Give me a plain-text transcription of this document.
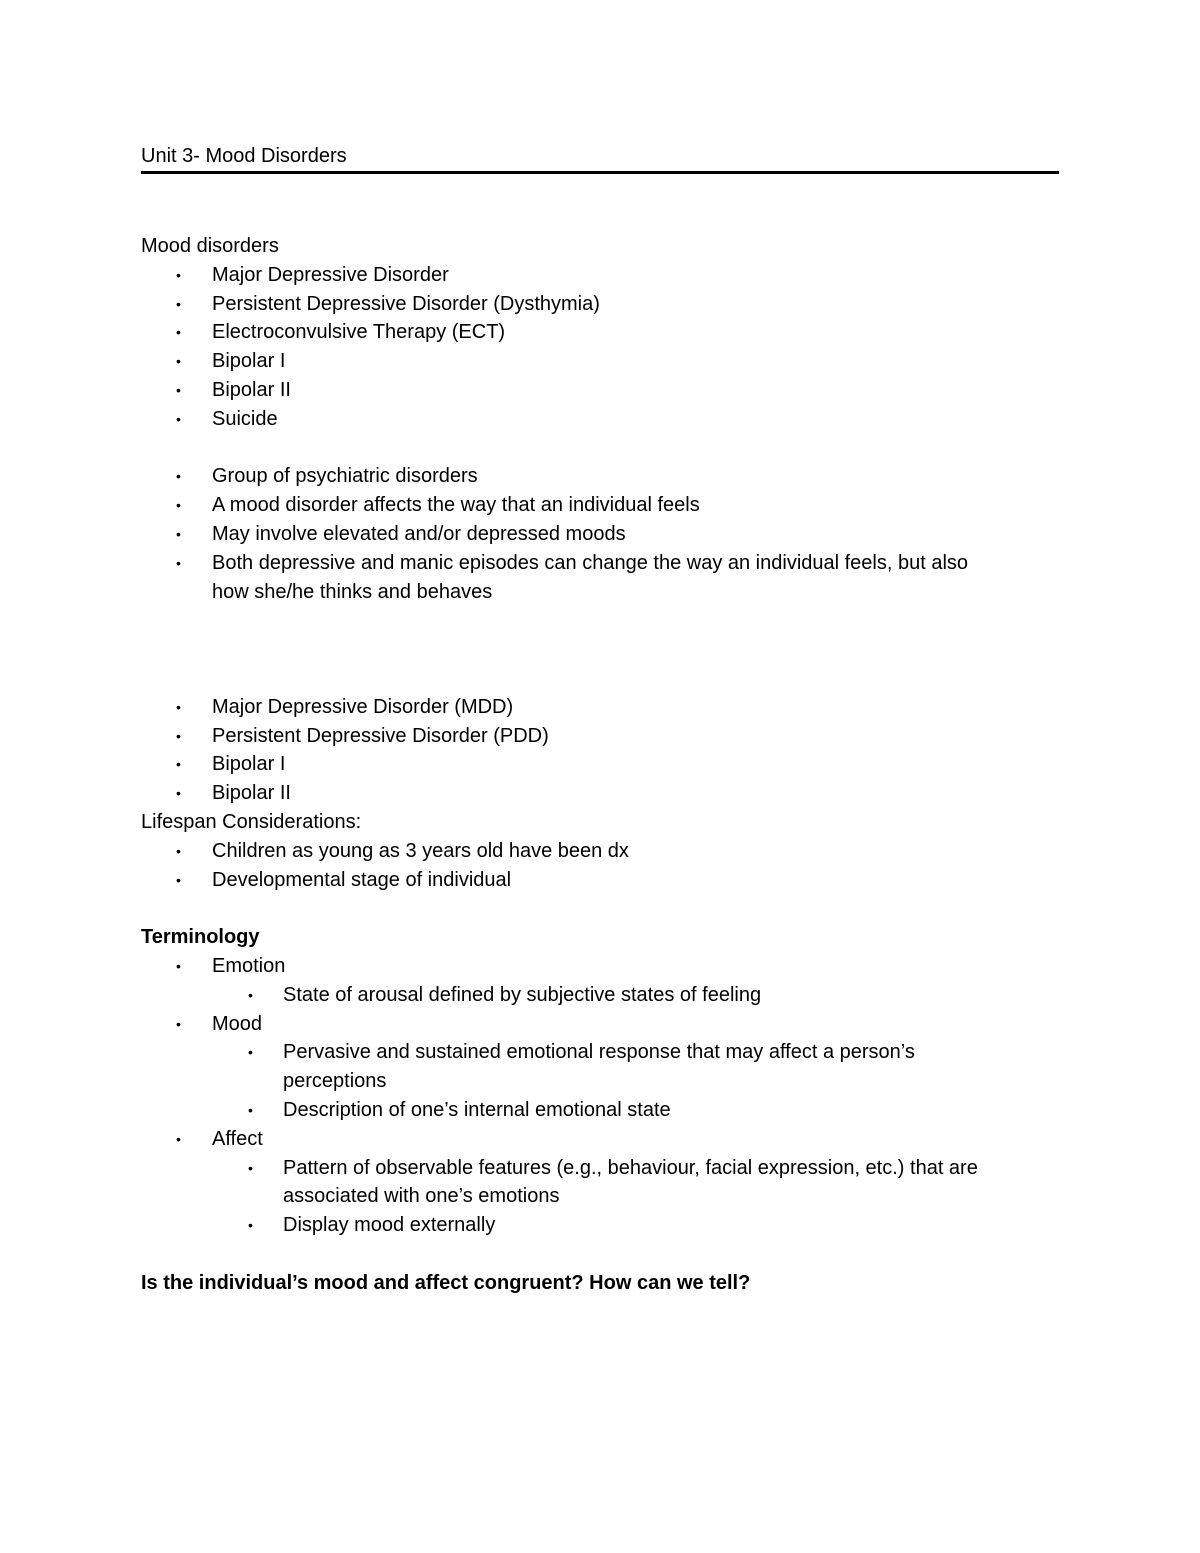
Unit 3- Mood Disorders
Mood disorders
• Major Depressive Disorder
• Persistent Depressive Disorder (Dysthymia)
• Electroconvulsive Therapy (ECT)
• Bipolar I
• Bipolar II
• Suicide
• Group of psychiatric disorders
• A mood disorder affects the way that an individual feels
• May involve elevated and/or depressed moods
• Both depressive and manic episodes can change the way an individual feels, but also
how she/he thinks and behaves
• Major Depressive Disorder (MDD)
• Persistent Depressive Disorder (PDD)
• Bipolar I
• Bipolar II
Lifespan Considerations:
• Children as young as 3 years old have been dx
• Developmental stage of individual
Terminology
• Emotion
• State of arousal defined by subjective states of feeling
• Mood
• Pervasive and sustained emotional response that may affect a person’s
perceptions
• Description of one’s internal emotional state
• Affect
• Pattern of observable features (e.g., behaviour, facial expression, etc.) that are
associated with one’s emotions
• Display mood externally
Is the individual’s mood and affect congruent? How can we tell?
